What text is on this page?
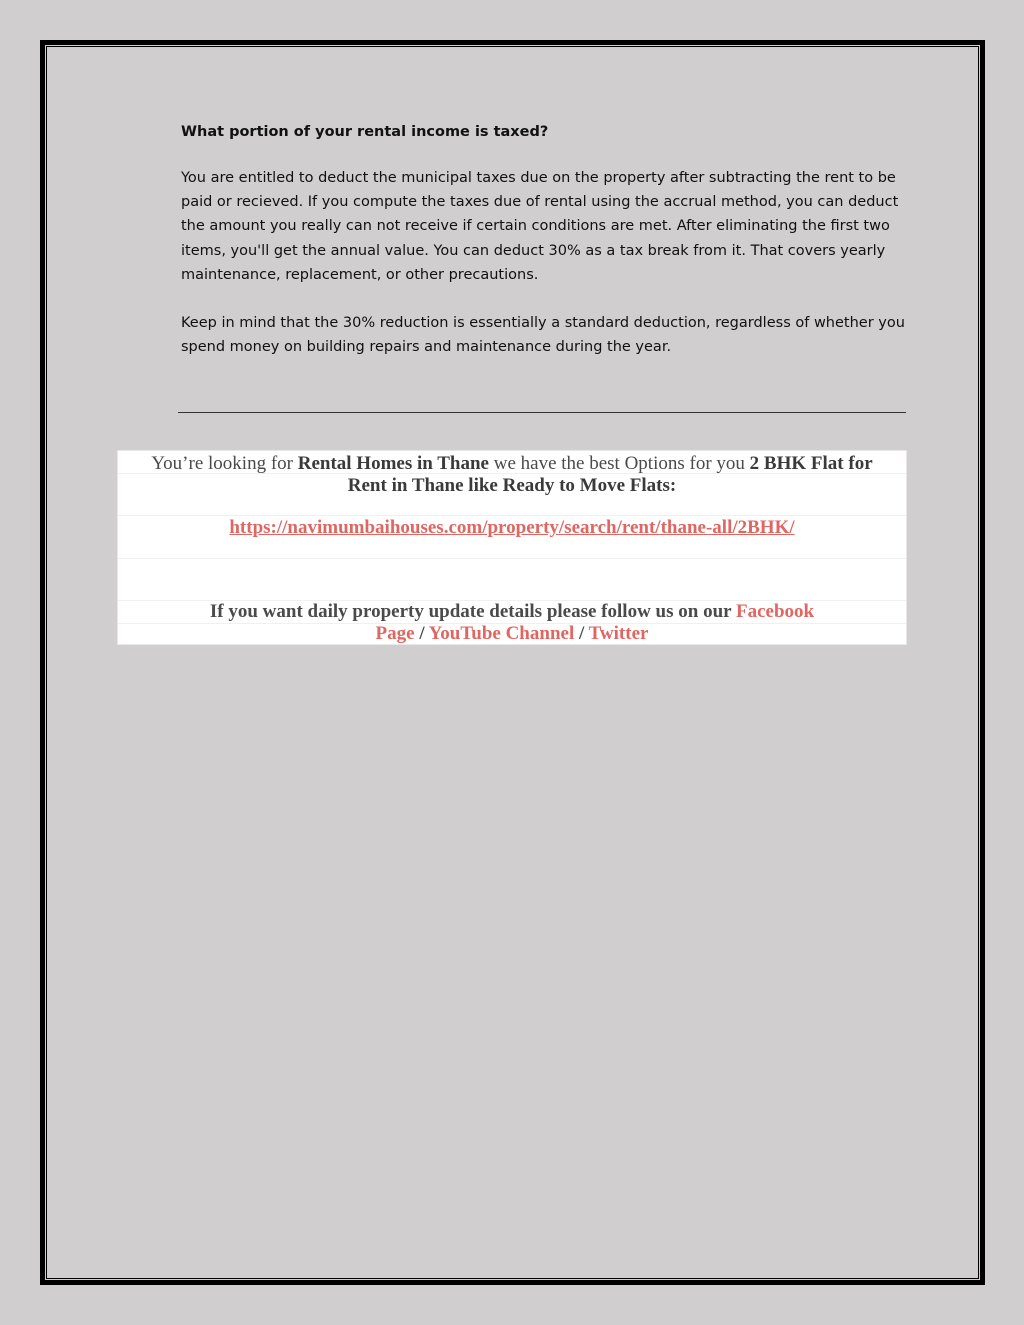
What portion of your rental income is taxed?

You are entitled to deduct the municipal taxes due on the property after subtracting the rent to be paid or recieved. If you compute the taxes due of rental using the accrual method, you can deduct the amount you really can not receive if certain conditions are met. After eliminating the first two items, you'll get the annual value. You can deduct 30% as a tax break from it. That covers yearly maintenance, replacement, or other precautions.

Keep in mind that the 30% reduction is essentially a standard deduction, regardless of whether you spend money on building repairs and maintenance during the year.

You’re looking for Rental Homes in Thane we have the best Options for you 2 BHK Flat for
Rent in Thane like Ready to Move Flats:
https://navimumbaihouses.com/property/search/rent/thane-all/2BHK/
If you want daily property update details please follow us on our Facebook
Page / YouTube Channel / Twitter
